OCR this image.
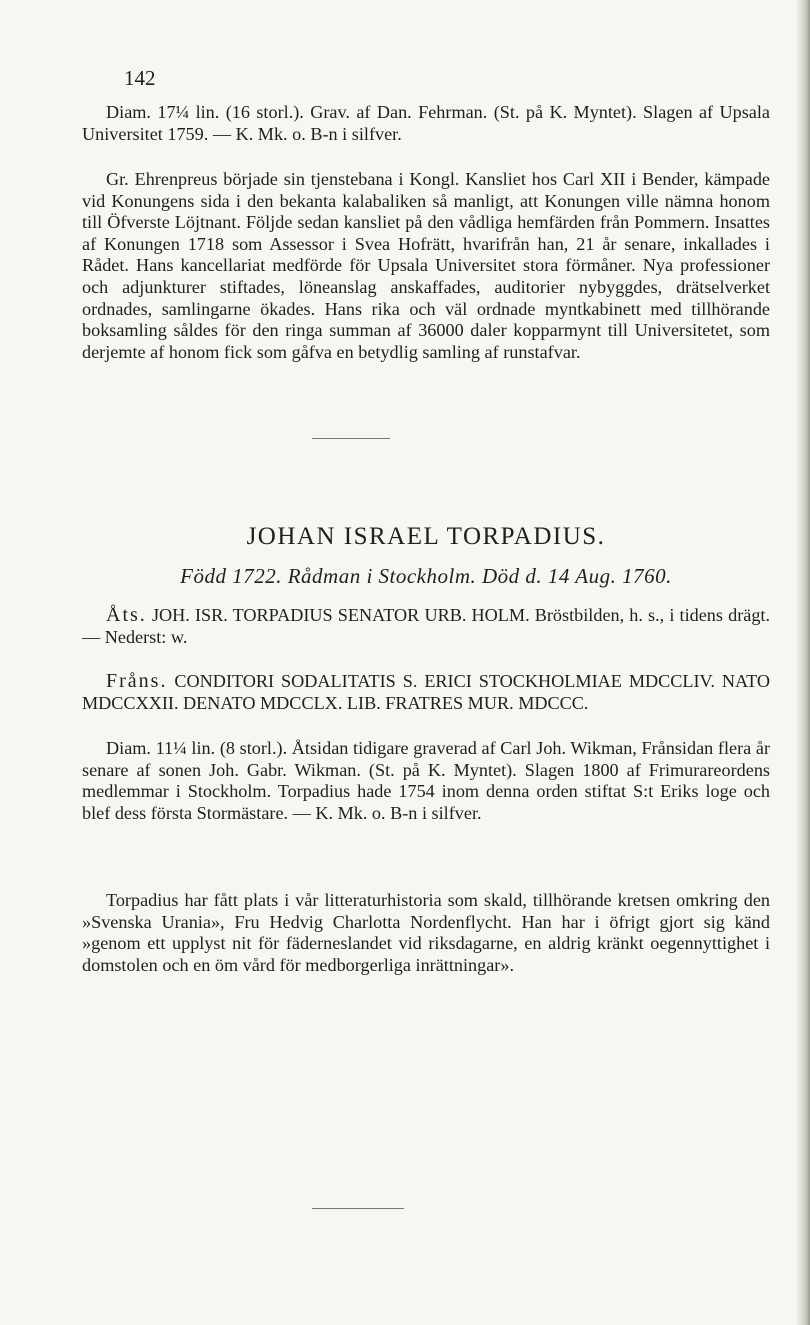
142

Diam. 17¼ lin. (16 storl.). Grav. af Dan. Fehrman. (St. på K. Myntet). Slagen af Upsala Universitet 1759. — K. Mk. o. B-n i silfver.

Gr. Ehrenpreus började sin tjenstebana i Kongl. Kansliet hos Carl XII i Bender, kämpade vid Konungens sida i den bekanta kalabaliken så manligt, att Konungen ville nämna honom till Öfverste Löjtnant. Följde sedan kansliet på den vådliga hemfärden från Pommern. Insattes af Konungen 1718 som Assessor i Svea Hofrätt, hvarifrån han, 21 år senare, inkallades i Rådet. Hans kancellariat medförde för Upsala Universitet stora förmåner. Nya professioner och adjunkturer stiftades, löneanslag anskaffades, auditorier nybyggdes, drätselverket ordnades, samlingarne ökades. Hans rika och väl ordnade myntkabinett med tillhörande boksamling såldes för den ringa summan af 36000 daler kopparmynt till Universitetet, som derjemte af honom fick som gåfva en betydlig samling af runstafvar.

JOHAN ISRAEL TORPADIUS.
Född 1722. Rådman i Stockholm. Död d. 14 Aug. 1760.

Åts. JOH. ISR. TORPADIUS SENATOR URB. HOLM. Bröstbilden, h. s., i tidens drägt. — Nederst: w.

Fråns. CONDITORI SODALITATIS S. ERICI STOCKHOLMIAE MDCCLIV. NATO MDCCXXII. DENATO MDCCLX. LIB. FRATRES MUR. MDCCC.

Diam. 11¼ lin. (8 storl.). Åtsidan tidigare graverad af Carl Joh. Wikman, Frånsidan flera år senare af sonen Joh. Gabr. Wikman. (St. på K. Myntet). Slagen 1800 af Frimurareordens medlemmar i Stockholm. Torpadius hade 1754 inom denna orden stiftat S:t Eriks loge och blef dess första Stormästare. — K. Mk. o. B-n i silfver.

Torpadius har fått plats i vår litteraturhistoria som skald, tillhörande kretsen omkring den »Svenska Urania», Fru Hedvig Charlotta Nordenflycht. Han har i öfrigt gjort sig känd »genom ett upplyst nit för fäderneslandet vid riksdagarne, en aldrig kränkt oegennyttighet i domstolen och en öm vård för medborgerliga inrättningar».
